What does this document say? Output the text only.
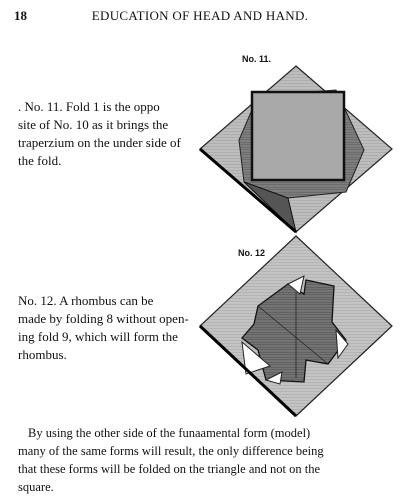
18	EDUCATION OF HEAD AND HAND.
No. 11.

. No. 11. Fold 1 is the oppo
site of No. 10 as it brings the
traperzium on the under side of
the fold.

No. 12

No. 12. A rhombus can be
made by folding 8 without open-
ing fold 9, which will form the
rhombus.

By using the other side of the funaamental form (model)
many of the same forms will result, the only difference being
that these forms will be folded on the triangle and not on the
square.
